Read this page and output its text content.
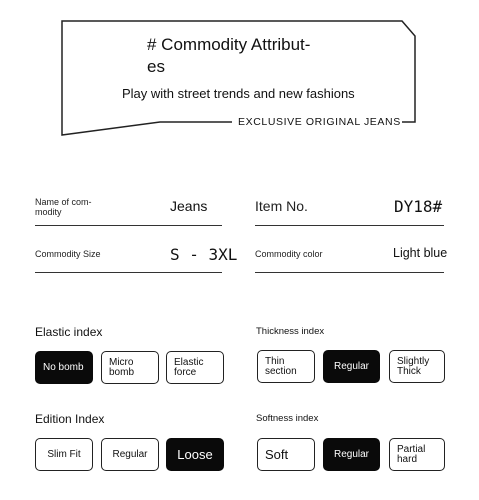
# Commodity Attribut-
es
Play with street trends and new fashions
EXCLUSIVE ORIGINAL JEANS
Name of com-
modity	Jeans	Item No.	DY18#
Commodity Size	S - 3XL Commodity color	Light blue
Elastic index
No bomb	Micro
bomb
Elastic
force
Thickness index
Thin
section	Regular	Slightly
Thick
Edition Index
Slim Fit	Regular Loose
Softness index
Soft	Regular	Partial
hard
